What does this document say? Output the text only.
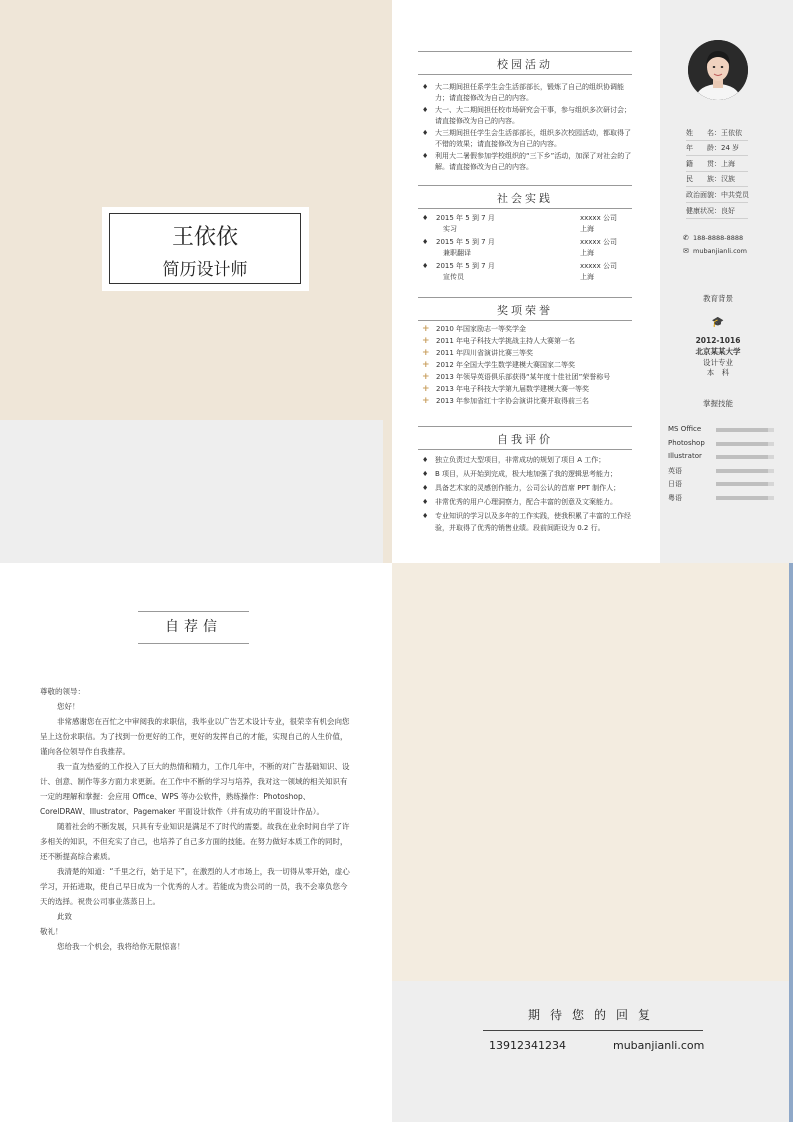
王依依
简历设计师
校园活动
♦ 大二期间担任系学生会生活部部长，锻炼了自己的组织协调能力；请直接修改为自己的内容。
♦ 大一、大二期间担任校市场研究会干事，参与组织多次研讨会；请直接修改为自己的内容。
♦ 大三期间担任学生会生活部部长，组织多次校园活动，都取得了不错的效果；请直接修改为自己的内容。
♦ 利用大二暑假参加学校组织的“三下乡”活动，加深了对社会的了解。请直接修改为自己的内容。
社会实践
♦ 2015 年 5 到 7 月	xxxxx 公司
实习	上海
♦ 2015 年 5 到 7 月	xxxxx 公司
兼职翻译	上海
♦ 2015 年 5 到 7 月	xxxxx 公司
宣传员	上海
奖项荣誉
+ 2010 年国家励志一等奖学金
+ 2011 年电子科技大学挑战主持人大赛第一名
+ 2011 年四川省演讲比赛三等奖
+ 2012 年全国大学生数学建模大赛国家二等奖
+ 2013 年领导英语俱乐部获得“某年度十佳社团”荣誉称号
+ 2013 年电子科技大学第九届数学建模大赛一等奖
+ 2013 年参加省红十字协会演讲比赛并取得前三名
自我评价
♦ 独立负责过大型项目，非常成功的规划了项目 A 工作；
♦ B 项目，从开始到完成，极大地加强了我的逻辑思考能力；
♦ 具备艺术家的灵感创作能力，公司公认的首席 PPT 制作人；
♦ 非常优秀的用户心理洞察力，配合丰富的创意及文案能力。
♦ 专业知识的学习以及多年的工作实践，使我积累了丰富的工作经验，并取得了优秀的销售业绩。段前间距设为 0.2 行。
姓　　名：王依依
年　　龄：24 岁
籍　　贯：上海
民　　族：汉族
政治面貌：中共党员
健康状况：良好
✆ 188-8888-8888
✉ mubanjianli.com
教育背景
🎓
2012-1016
北京某某大学
设计专业
本　科
掌握技能
MS Office
Photoshop
Illustrator
英语
日语
粤语
自荐信

尊敬的领导：

您好！

非常感谢您在百忙之中审阅我的求职信，我毕业以广告艺术设计专业，很荣幸有机会向您呈上这份求职信。为了找到一份更好的工作，更好的发挥自己的才能，实现自己的人生价值，谨向各位领导作自我推荐。

我一直为热爱的工作投入了巨大的热情和精力，工作几年中，不断的对广告基础知识、设计、创意、制作等多方面力求更新。在工作中不断的学习与培养，我对这一领域的相关知识有一定的理解和掌握：会应用 Office、WPS 等办公软件，熟练操作：Photoshop、CorelDRAW、Illustrator、Pagemaker 平面设计软件（并有成功的平面设计作品）。

随着社会的不断发展，只具有专业知识是满足不了时代的需要。故我在业余时间自学了许多相关的知识，不但充实了自己，也培养了自己多方面的技能。在努力做好本质工作的同时，还不断提高综合素质。

我清楚的知道：“千里之行，始于足下”，在激烈的人才市场上，我一切得从零开始，虚心学习，开拓进取，使自己早日成为一个优秀的人才。若能成为贵公司的一员，我不会辜负您今天的选择。祝贵公司事业蒸蒸日上。

此致

敬礼！

您给我一个机会，我将给你无限惊喜！

期待您的回复
13912341234	mubanjianli.com
